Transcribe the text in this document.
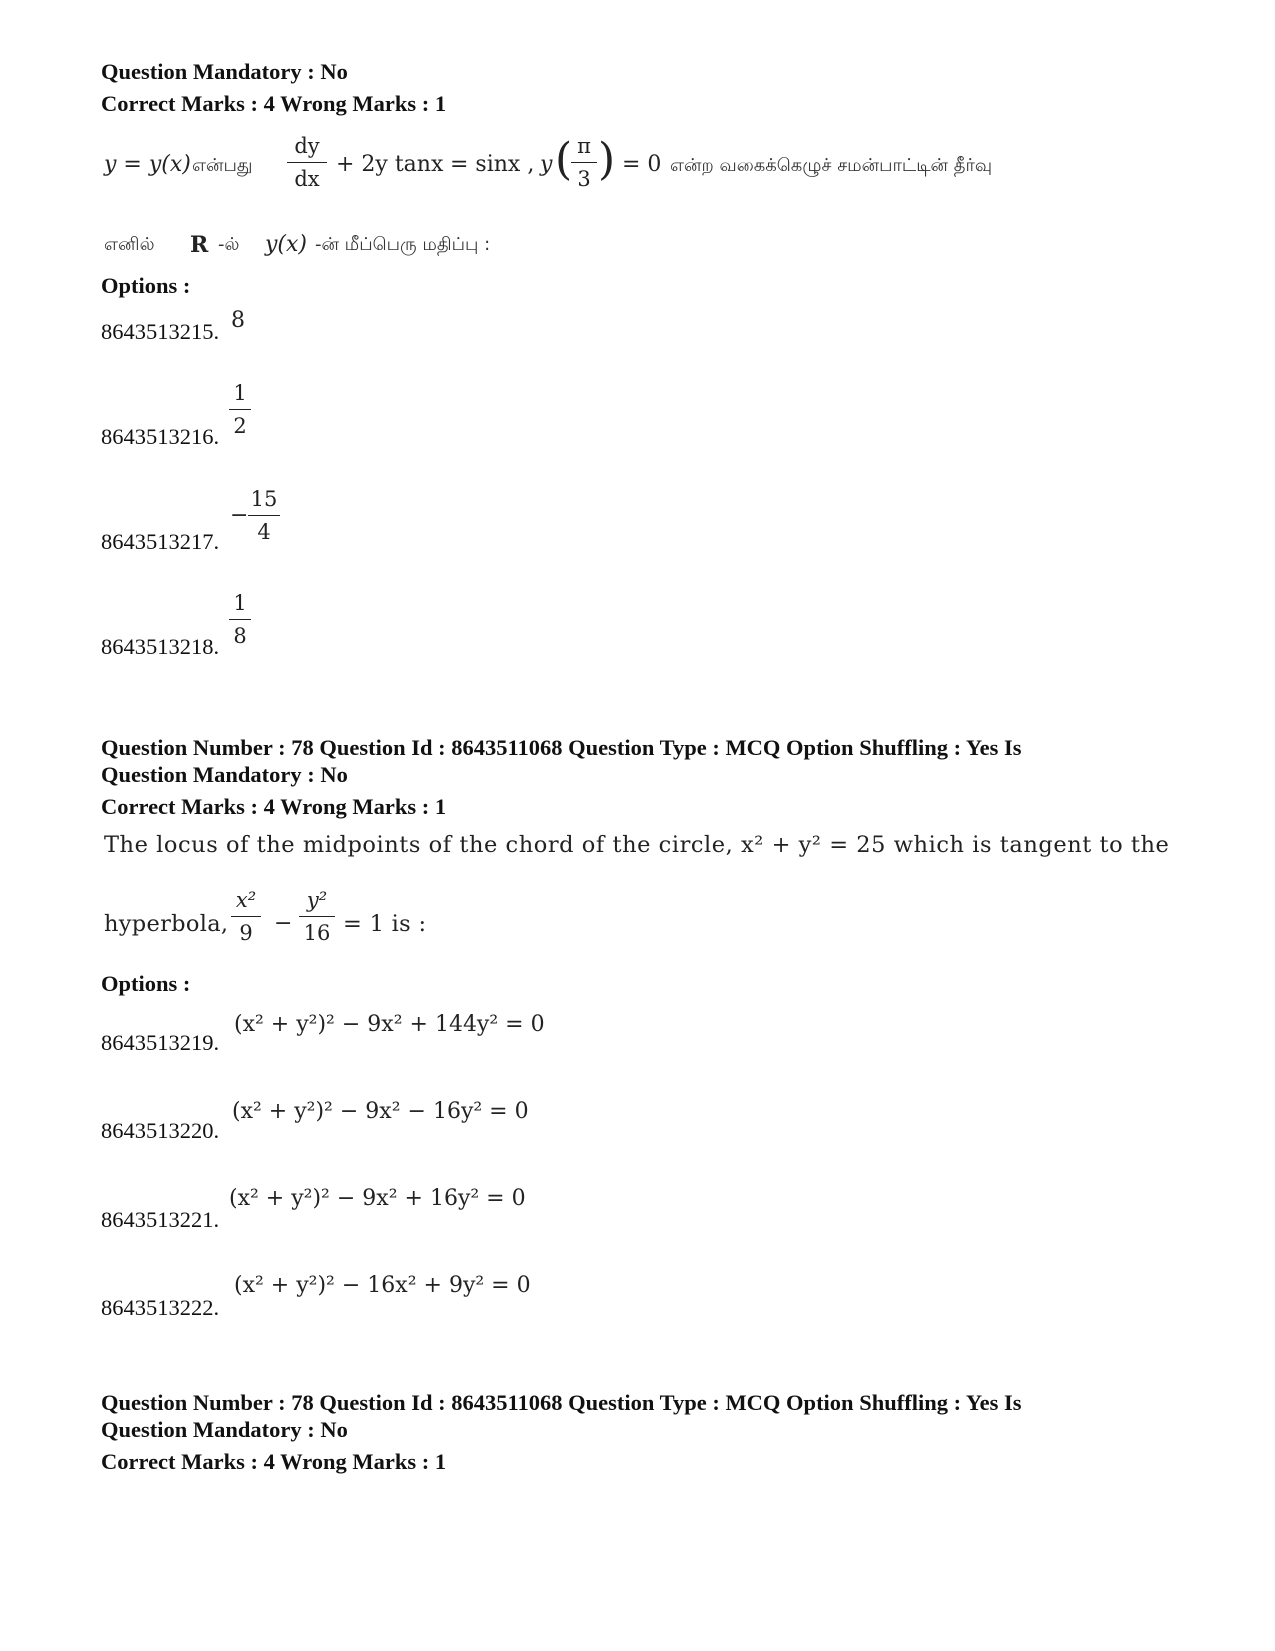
Question Mandatory : No
Correct Marks : 4 Wrong Marks : 1
y = y(x) என்பது
dy
dx
+ 2y tanx = sinx , y ( π
3 ) = 0 என்ற வகைக்கெழுச் சமன்பாட்டின் தீர்வு
எனில் R -ல் y(x) -ன் மீப்பெரு மதிப்பு :
Options :
8643513215. 8
8643513216.
1
2
8643513217.
−
15
4
8643513218.
1
8
Question Number : 78 Question Id : 8643511068 Question Type : MCQ Option Shuffling : Yes Is
Question Mandatory : No
Correct Marks : 4 Wrong Marks : 1
The locus of the midpoints of the chord of the circle, x² + y² = 25 which is tangent to the
hyperbola,
x²
9 −
y²
16 = 1 is :
Options :
8643513219.
(x² + y²)² − 9x² + 144y² = 0
8643513220.
(x² + y²)² − 9x² − 16y² = 0
8643513221.
(x² + y²)² − 9x² + 16y² = 0
8643513222.
(x² + y²)² − 16x² + 9y² = 0
Question Number : 78 Question Id : 8643511068 Question Type : MCQ Option Shuffling : Yes Is
Question Mandatory : No
Correct Marks : 4 Wrong Marks : 1
